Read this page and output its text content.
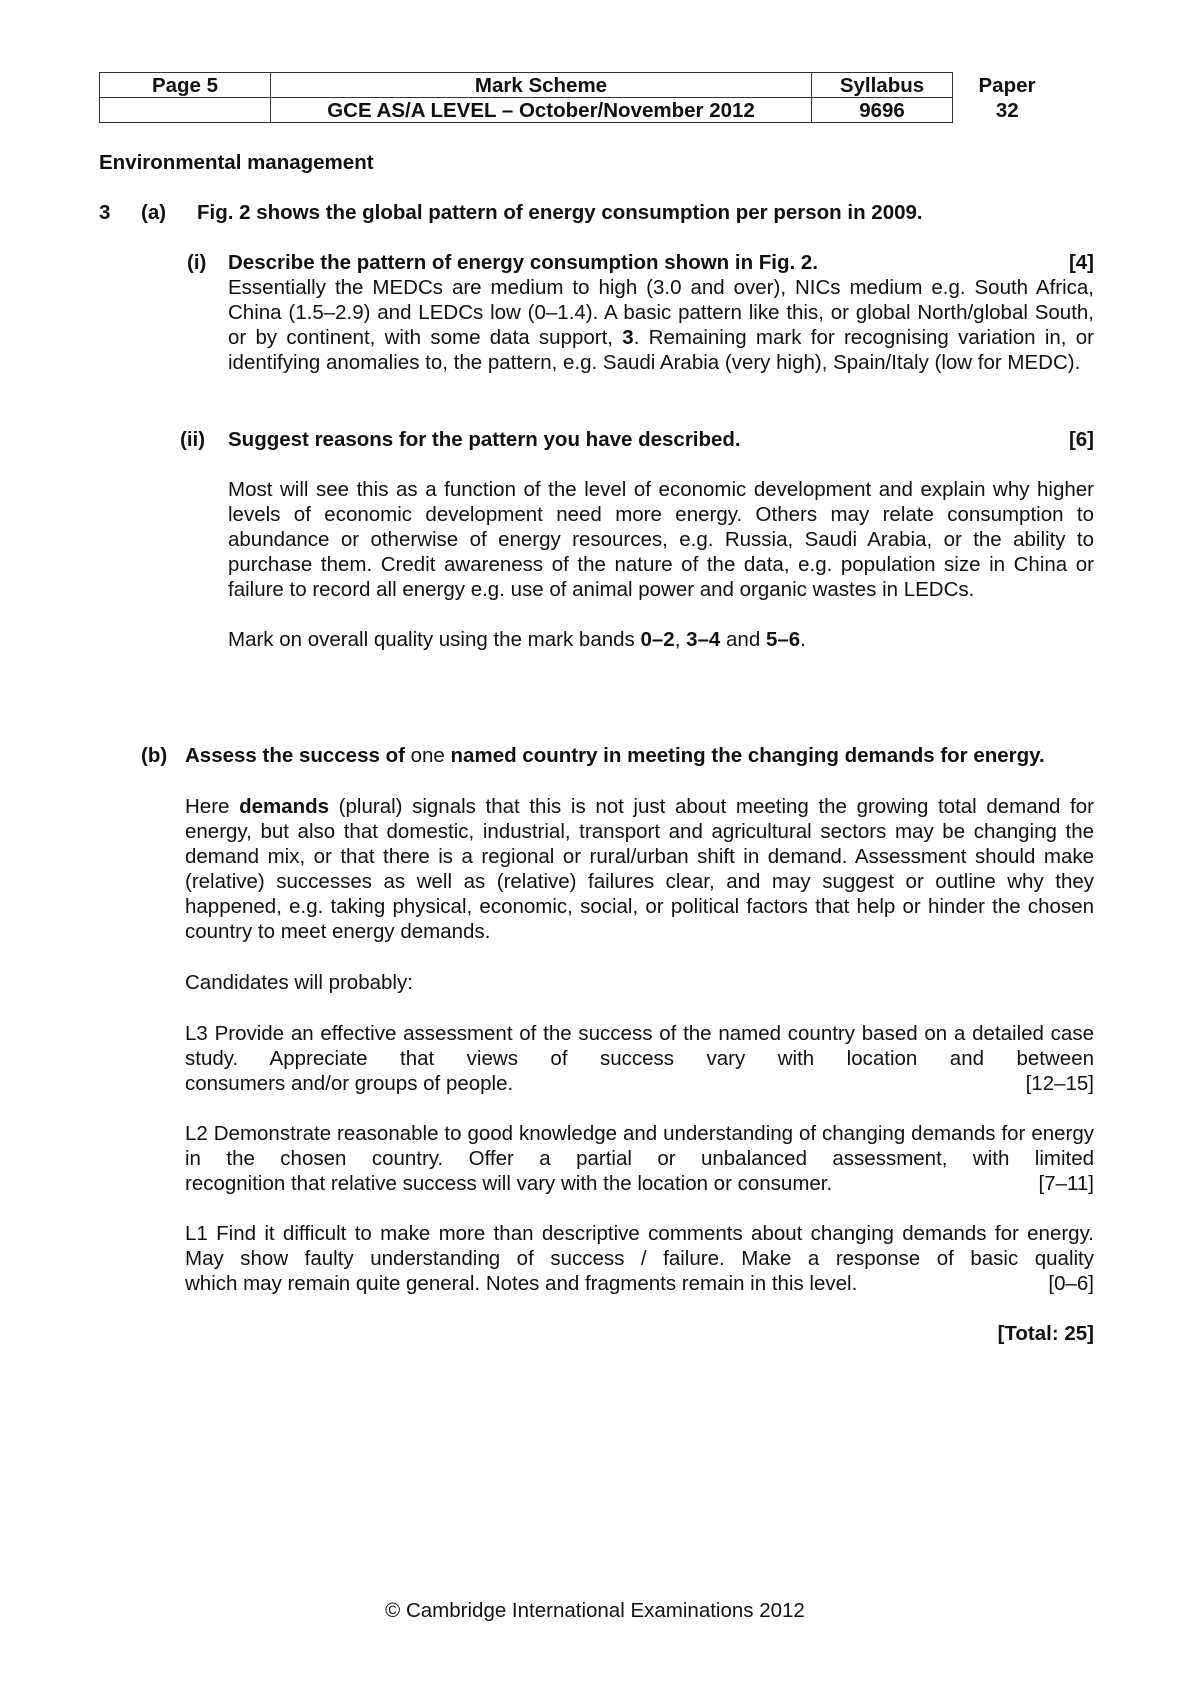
Page 5	Mark Scheme	Syllabus	Paper
	GCE AS/A LEVEL – October/November 2012	9696	32
Environmental management
3 (a) Fig. 2 shows the global pattern of energy consumption per person in 2009.
(i) Describe the pattern of energy consumption shown in Fig. 2.	[4]
Essentially the MEDCs are medium to high (3.0 and over), NICs medium e.g. South Africa, China (1.5–2.9) and LEDCs low (0–1.4). A basic pattern like this, or global North/global South, or by continent, with some data support, 3. Remaining mark for recognising variation in, or identifying anomalies to, the pattern, e.g. Saudi Arabia (very high), Spain/Italy (low for MEDC).
(ii) Suggest reasons for the pattern you have described.	[6]
Most will see this as a function of the level of economic development and explain why higher levels of economic development need more energy. Others may relate consumption to abundance or otherwise of energy resources, e.g. Russia, Saudi Arabia, or the ability to purchase them. Credit awareness of the nature of the data, e.g. population size in China or failure to record all energy e.g. use of animal power and organic wastes in LEDCs.
Mark on overall quality using the mark bands 0–2, 3–4 and 5–6.
(b) Assess the success of one named country in meeting the changing demands for energy.
Here demands (plural) signals that this is not just about meeting the growing total demand for energy, but also that domestic, industrial, transport and agricultural sectors may be changing the demand mix, or that there is a regional or rural/urban shift in demand. Assessment should make (relative) successes as well as (relative) failures clear, and may suggest or outline why they happened, e.g. taking physical, economic, social, or political factors that help or hinder the chosen country to meet energy demands.
Candidates will probably:
L3 Provide an effective assessment of the success of the named country based on a detailed case study. Appreciate that views of success vary with location and between
consumers and/or groups of people.	[12–15]
L2 Demonstrate reasonable to good knowledge and understanding of changing demands for energy in the chosen country. Offer a partial or unbalanced assessment, with limited
recognition that relative success will vary with the location or consumer.	[7–11]
L1 Find it difficult to make more than descriptive comments about changing demands for energy. May show faulty understanding of success / failure. Make a response of basic quality
which may remain quite general. Notes and fragments remain in this level.	[0–6]
[Total: 25]
© Cambridge International Examinations 2012
